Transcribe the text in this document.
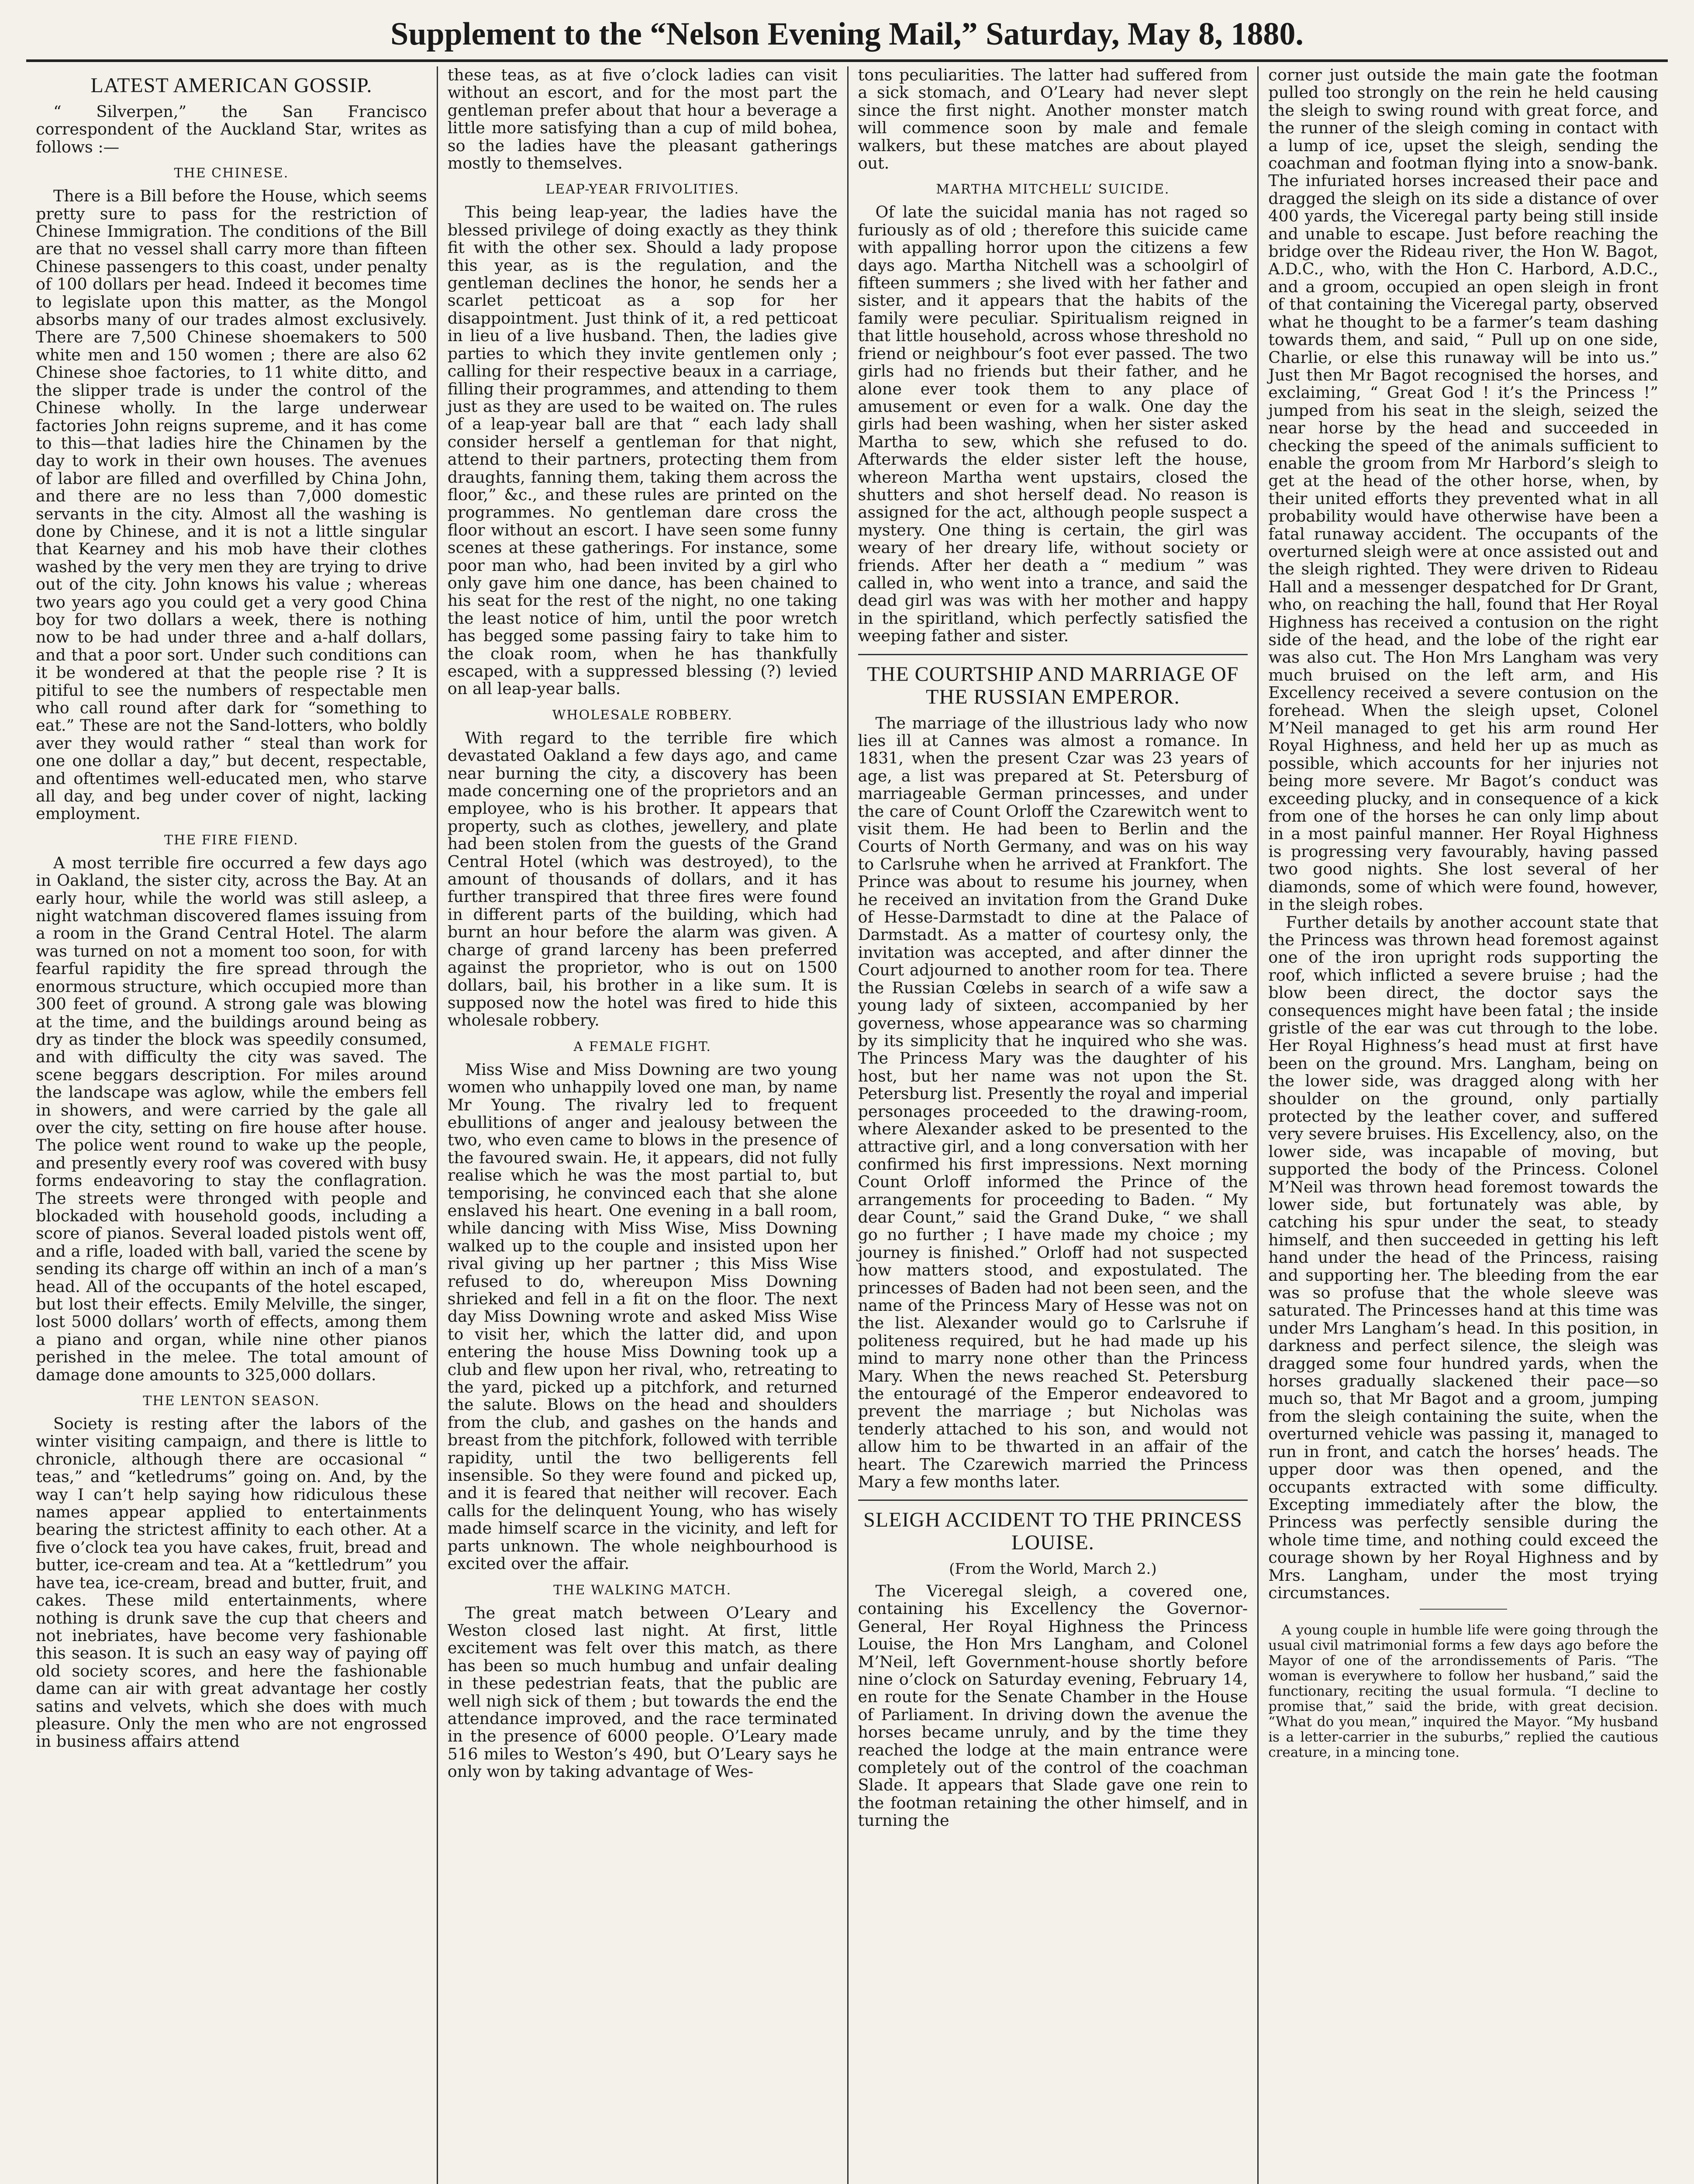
Supplement to the “Nelson Evening Mail,” Saturday, May 8, 1880.
LATEST AMERICAN GOSSIP.

“ Silverpen,” the San Francisco correspondent of the Auckland Star, writes as follows :—

THE CHINESE.

There is a Bill before the House, which seems pretty sure to pass for the restriction of Chinese Immigration. The conditions of the Bill are that no vessel shall carry more than fifteen Chinese passengers to this coast, under penalty of 100 dollars per head. Indeed it becomes time to legislate upon this matter, as the Mongol absorbs many of our trades almost exclusively. There are 7,500 Chinese shoemakers to 500 white men and 150 women ; there are also 62 Chinese shoe factories, to 11 white ditto, and the slipper trade is under the control of the Chinese wholly. In the large underwear factories John reigns supreme, and it has come to this—that ladies hire the Chinamen by the day to work in their own houses. The avenues of labor are filled and overfilled by China John, and there are no less than 7,000 domestic servants in the city. Almost all the washing is done by Chinese, and it is not a little singular that Kearney and his mob have their clothes washed by the very men they are trying to drive out of the city. John knows his value ; whereas two years ago you could get a very good China boy for two dollars a week, there is nothing now to be had under three and a-half dollars, and that a poor sort. Under such conditions can it be wondered at that the people rise ? It is pitiful to see the numbers of respectable men who call round after dark for “something to eat.” These are not the Sand-lotters, who boldly aver they would rather “ steal than work for one one dollar a day,” but decent, respectable, and oftentimes well-educated men, who starve all day, and beg under cover of night, lacking employment.

THE FIRE FIEND.

A most terrible fire occurred a few days ago in Oakland, the sister city, across the Bay. At an early hour, while the world was still asleep, a night watchman discovered flames issuing from a room in the Grand Central Hotel. The alarm was turned on not a moment too soon, for with fearful rapidity the fire spread through the enormous structure, which occupied more than 300 feet of ground. A strong gale was blowing at the time, and the buildings around being as dry as tinder the block was speedily consumed, and with difficulty the city was saved. The scene beggars description. For miles around the landscape was aglow, while the embers fell in showers, and were carried by the gale all over the city, setting on fire house after house. The police went round to wake up the people, and presently every roof was covered with busy forms endeavoring to stay the conflagration. The streets were thronged with people and blockaded with household goods, including a score of pianos. Several loaded pistols went off, and a rifle, loaded with ball, varied the scene by sending its charge off within an inch of a man’s head. All of the occupants of the hotel escaped, but lost their effects. Emily Melville, the singer, lost 5000 dollars’ worth of effects, among them a piano and organ, while nine other pianos perished in the melee. The total amount of damage done amounts to 325,000 dollars.

THE LENTON SEASON.

Society is resting after the labors of the winter visiting campaign, and there is little to chronicle, although there are occasional “ teas,” and “ketledrums” going on. And, by the way I can’t help saying how ridiculous these names appear applied to entertainments bearing the strictest affinity to each other. At a five o’clock tea you have cakes, fruit, bread and butter, ice-cream and tea. At a “kettledrum” you have tea, ice-cream, bread and butter, fruit, and cakes. These mild entertainments, where nothing is drunk save the cup that cheers and not inebriates, have become very fashionable this season. It is such an easy way of paying off old society scores, and here the fashionable dame can air with great advantage her costly satins and velvets, which she does with much pleasure. Only the men who are not engrossed in business affairs attend

these teas, as at five o’clock ladies can visit without an escort, and for the most part the gentleman prefer about that hour a beverage a little more satisfying than a cup of mild bohea, so the ladies have the pleasant gatherings mostly to themselves.

LEAP-YEAR FRIVOLITIES.

This being leap-year, the ladies have the blessed privilege of doing exactly as they think fit with the other sex. Should a lady propose this year, as is the regulation, and the gentleman declines the honor, he sends her a scarlet petticoat as a sop for her disappointment. Just think of it, a red petticoat in lieu of a live husband. Then, the ladies give parties to which they invite gentlemen only ; calling for their respective beaux in a carriage, filling their programmes, and attending to them just as they are used to be waited on. The rules of a leap-year ball are that “ each lady shall consider herself a gentleman for that night, attend to their partners, protecting them from draughts, fanning them, taking them across the floor,” &c., and these rules are printed on the programmes. No gentleman dare cross the floor without an escort. I have seen some funny scenes at these gatherings. For instance, some poor man who, had been invited by a girl who only gave him one dance, has been chained to his seat for the rest of the night, no one taking the least notice of him, until the poor wretch has begged some passing fairy to take him to the cloak room, when he has thankfully escaped, with a suppressed blessing (?) levied on all leap-year balls.

WHOLESALE ROBBERY.

With regard to the terrible fire which devastated Oakland a few days ago, and came near burning the city, a discovery has been made concerning one of the proprietors and an employee, who is his brother. It appears that property, such as clothes, jewellery, and plate had been stolen from the guests of the Grand Central Hotel (which was destroyed), to the amount of thousands of dollars, and it has further transpired that three fires were found in different parts of the building, which had burnt an hour before the alarm was given. A charge of grand larceny has been preferred against the proprietor, who is out on 1500 dollars, bail, his brother in a like sum. It is supposed now the hotel was fired to hide this wholesale robbery.

A FEMALE FIGHT.

Miss Wise and Miss Downing are two young women who unhappily loved one man, by name Mr Young. The rivalry led to frequent ebullitions of anger and jealousy between the two, who even came to blows in the presence of the favoured swain. He, it appears, did not fully realise which he was the most partial to, but temporising, he convinced each that she alone enslaved his heart. One evening in a ball room, while dancing with Miss Wise, Miss Downing walked up to the couple and insisted upon her rival giving up her partner ; this Miss Wise refused to do, whereupon Miss Downing shrieked and fell in a fit on the floor. The next day Miss Downing wrote and asked Miss Wise to visit her, which the latter did, and upon entering the house Miss Downing took up a club and flew upon her rival, who, retreating to the yard, picked up a pitchfork, and returned the salute. Blows on the head and shoulders from the club, and gashes on the hands and breast from the pitchfork, followed with terrible rapidity, until the two belligerents fell insensible. So they were found and picked up, and it is feared that neither will recover. Each calls for the delinquent Young, who has wisely made himself scarce in the vicinity, and left for parts unknown. The whole neighbourhood is excited over the affair.

THE WALKING MATCH.

The great match between O’Leary and Weston closed last night. At first, little excitement was felt over this match, as there has been so much humbug and unfair dealing in these pedestrian feats, that the public are well nigh sick of them ; but towards the end the attendance improved, and the race terminated in the presence of 6000 people. O’Leary made 516 miles to Weston’s 490, but O’Leary says he only won by taking advantage of Wes-

tons peculiarities. The latter had suffered from a sick stomach, and O’Leary had never slept since the first night. Another monster match will commence soon by male and female walkers, but these matches are about played out.

MARTHA MITCHELL’ SUICIDE.

Of late the suicidal mania has not raged so furiously as of old ; therefore this suicide came with appalling horror upon the citizens a few days ago. Martha Nitchell was a schoolgirl of fifteen summers ; she lived with her father and sister, and it appears that the habits of the family were peculiar. Spiritualism reigned in that little household, across whose threshold no friend or neighbour’s foot ever passed. The two girls had no friends but their father, and he alone ever took them to any place of amusement or even for a walk. One day the girls had been washing, when her sister asked Martha to sew, which she refused to do. Afterwards the elder sister left the house, whereon Martha went upstairs, closed the shutters and shot herself dead. No reason is assigned for the act, although people suspect a mystery. One thing is certain, the girl was weary of her dreary life, without society or friends. After her death a “ medium ” was called in, who went into a trance, and said the dead girl was was with her mother and happy in the spiritland, which perfectly satisfied the weeping father and sister.

THE COURTSHIP AND MARRIAGE OF THE RUSSIAN EMPEROR.

The marriage of the illustrious lady who now lies ill at Cannes was almost a romance. In 1831, when the present Czar was 23 years of age, a list was prepared at St. Petersburg of marriageable German princesses, and under the care of Count Orloff the Czarewitch went to visit them. He had been to Berlin and the Courts of North Germany, and was on his way to Carlsruhe when he arrived at Frankfort. The Prince was about to resume his journey, when he received an invitation from the Grand Duke of Hesse-Darmstadt to dine at the Palace of Darmstadt. As a matter of courtesy only, the invitation was accepted, and after dinner the Court adjourned to another room for tea. There the Russian Cœlebs in search of a wife saw a young lady of sixteen, accompanied by her governess, whose appearance was so charming by its simplicity that he inquired who she was. The Princess Mary was the daughter of his host, but her name was not upon the St. Petersburg list. Presently the royal and imperial personages proceeded to the drawing-room, where Alexander asked to be presented to the attractive girl, and a long conversation with her confirmed his first impressions. Next morning Count Orloff informed the Prince of the arrangements for proceeding to Baden. “ My dear Count,” said the Grand Duke, “ we shall go no further ; I have made my choice ; my journey is finished.” Orloff had not suspected how matters stood, and expostulated. The princesses of Baden had not been seen, and the name of the Princess Mary of Hesse was not on the list. Alexander would go to Carlsruhe if politeness required, but he had made up his mind to marry none other than the Princess Mary. When the news reached St. Petersburg the entouragé of the Emperor endeavored to prevent the marriage ; but Nicholas was tenderly attached to his son, and would not allow him to be thwarted in an affair of the heart. The Czarewich married the Princess Mary a few months later.

SLEIGH ACCIDENT TO THE PRINCESS LOUISE.
(From the World, March 2.)

The Viceregal sleigh, a covered one, containing his Excellency the Governor-General, Her Royal Highness the Princess Louise, the Hon Mrs Langham, and Colonel M’Neil, left Government-house shortly before nine o’clock on Saturday evening, February 14, en route for the Senate Chamber in the House of Parliament. In driving down the avenue the horses became unruly, and by the time they reached the lodge at the main entrance were completely out of the control of the coachman Slade. It appears that Slade gave one rein to the footman retaining the other himself, and in turning the

corner just outside the main gate the footman pulled too strongly on the rein he held causing the sleigh to swing round with great force, and the runner of the sleigh coming in contact with a lump of ice, upset the sleigh, sending the coachman and footman flying into a snow-bank. The infuriated horses increased their pace and dragged the sleigh on its side a distance of over 400 yards, the Viceregal party being still inside and unable to escape. Just before reaching the bridge over the Rideau river, the Hon W. Bagot, A.D.C., who, with the Hon C. Harbord, A.D.C., and a groom, occupied an open sleigh in front of that containing the Viceregal party, observed what he thought to be a farmer’s team dashing towards them, and said, “ Pull up on one side, Charlie, or else this runaway will be into us.” Just then Mr Bagot recognised the horses, and exclaiming, “ Great God ! it’s the Princess !” jumped from his seat in the sleigh, seized the near horse by the head and succeeded in checking the speed of the animals sufficient to enable the groom from Mr Harbord’s sleigh to get at the head of the other horse, when, by their united efforts they prevented what in all probability would have otherwise have been a fatal runaway accident. The occupants of the overturned sleigh were at once assisted out and the sleigh righted. They were driven to Rideau Hall and a messenger despatched for Dr Grant, who, on reaching the hall, found that Her Royal Highness has received a contusion on the right side of the head, and the lobe of the right ear was also cut. The Hon Mrs Langham was very much bruised on the left arm, and His Excellency received a severe contusion on the forehead. When the sleigh upset, Colonel M’Neil managed to get his arm round Her Royal Highness, and held her up as much as possible, which accounts for her injuries not being more severe. Mr Bagot’s conduct was exceeding plucky, and in consequence of a kick from one of the horses he can only limp about in a most painful manner. Her Royal Highness is progressing very favourably, having passed two good nights. She lost several of her diamonds, some of which were found, however, in the sleigh robes.

Further details by another account state that the Princess was thrown head foremost against one of the iron upright rods supporting the roof, which inflicted a severe bruise ; had the blow been direct, the doctor says the consequences might have been fatal ; the inside gristle of the ear was cut through to the lobe. Her Royal Highness’s head must at first have been on the ground. Mrs. Langham, being on the lower side, was dragged along with her shoulder on the ground, only partially protected by the leather cover, and suffered very severe bruises. His Excellency, also, on the lower side, was incapable of moving, but supported the body of the Princess. Colonel M’Neil was thrown head foremost towards the lower side, but fortunately was able, by catching his spur under the seat, to steady himself, and then succeeded in getting his left hand under the head of the Princess, raising and supporting her. The bleeding from the ear was so profuse that the whole sleeve was saturated. The Princesses hand at this time was under Mrs Langham’s head. In this position, in darkness and perfect silence, the sleigh was dragged some four hundred yards, when the horses gradually slackened their pace—so much so, that Mr Bagot and a groom, jumping from the sleigh containing the suite, when the overturned vehicle was passing it, managed to run in front, and catch the horses’ heads. The upper door was then opened, and the occupants extracted with some difficulty. Excepting immediately after the blow, the Princess was perfectly sensible during the whole time time, and nothing could exceed the courage shown by her Royal Highness and by Mrs. Langham, under the most trying circumstances.

A young couple in humble life were going through the usual civil matrimonial forms a few days ago before the Mayor of one of the arrondissements of Paris. “The woman is everywhere to follow her husband,” said the functionary, reciting the usual formula. “I decline to promise that,” said the bride, with great decision. “What do you mean,” inquired the Mayor. “My husband is a letter-carrier in the suburbs,” replied the cautious creature, in a mincing tone.
